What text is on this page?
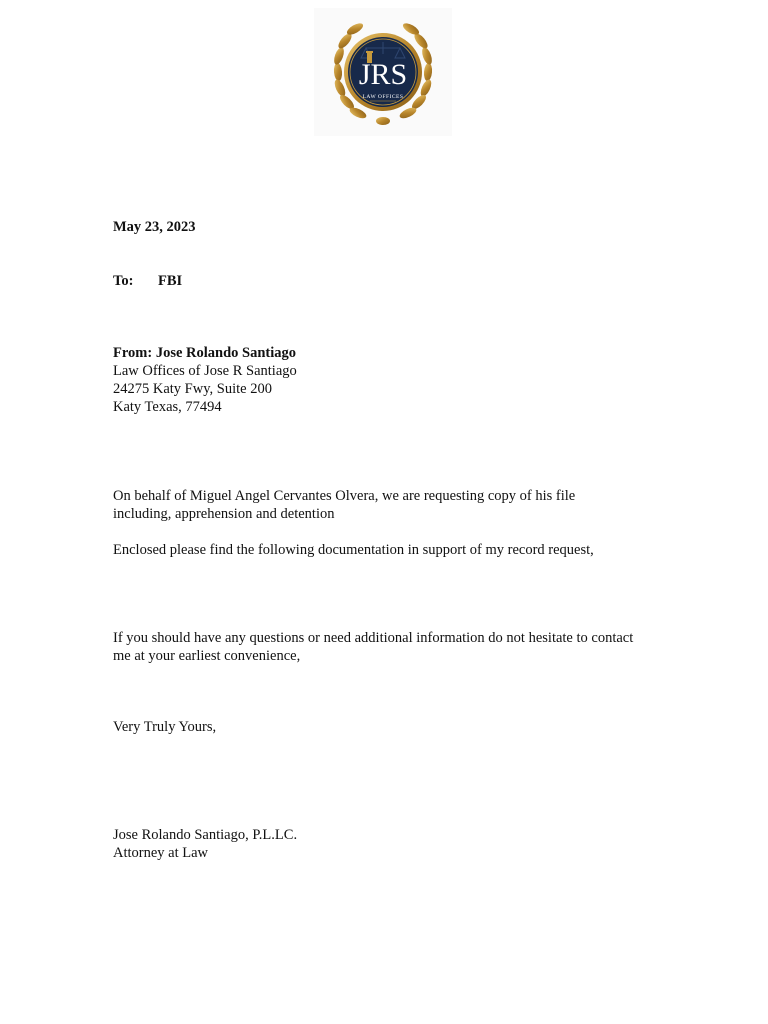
JRS
LAW OFFICES
May 23, 2023
To: FBI

From: Jose Rolando Santiago

Law Offices of Jose R Santiago

24275 Katy Fwy, Suite 200

Katy Texas, 77494

On behalf of Miguel Angel Cervantes Olvera, we are requesting copy of his file

including, apprehension and detention

Enclosed please find the following documentation in support of my record request,

If you should have any questions or need additional information do not hesitate to contact

me at your earliest convenience,

Very Truly Yours,

Jose Rolando Santiago, P.L.LC.

Attorney at Law
